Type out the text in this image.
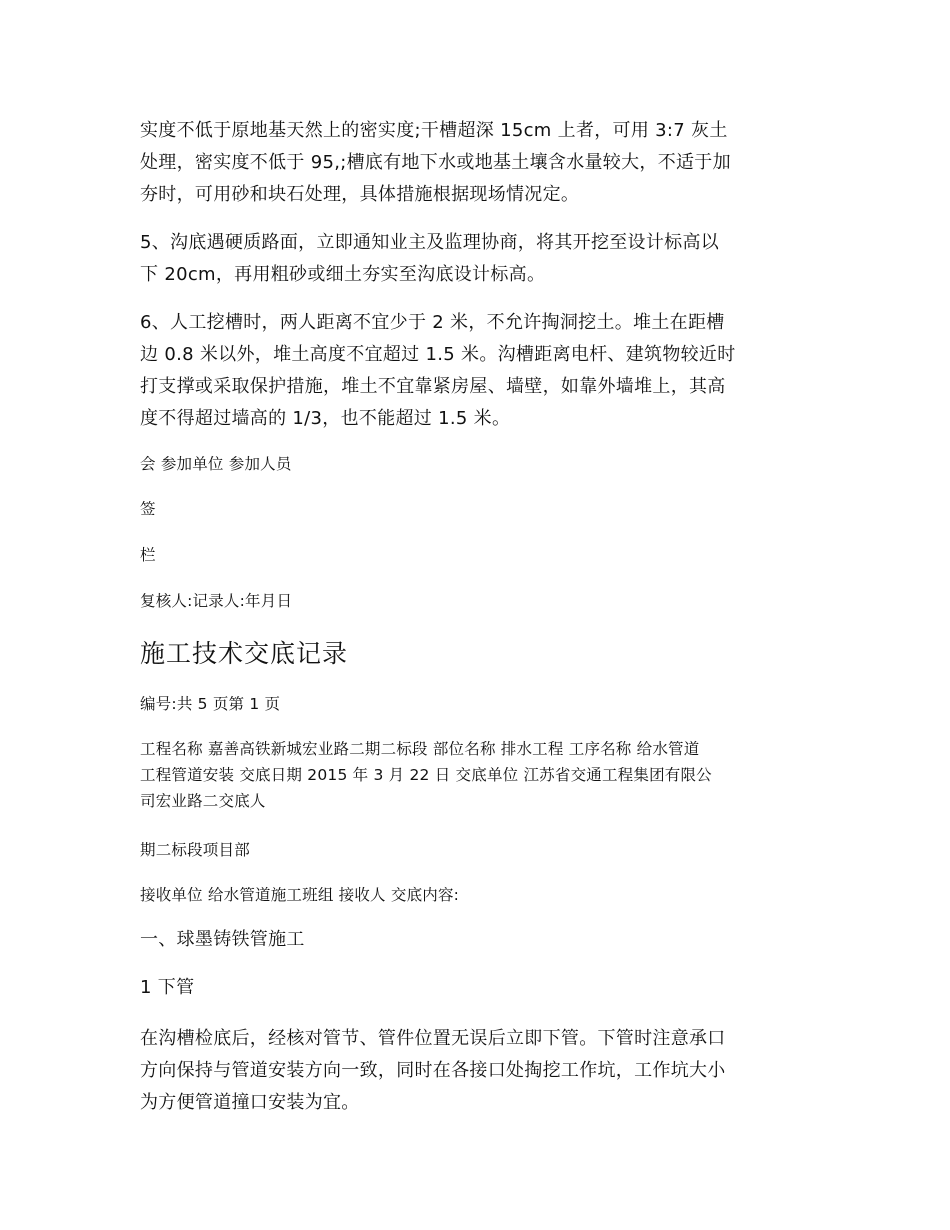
实度不低于原地基天然上的密实度;干槽超深 15cm 上者，可用 3:7 灰土
处理，密实度不低于 95,;槽底有地下水或地基土壤含水量较大，不适于加
夯时，可用砂和块石处理，具体措施根据现场情况定。
5、沟底遇硬质路面，立即通知业主及监理协商，将其开挖至设计标高以
下 20cm，再用粗砂或细土夯实至沟底设计标高。
6、人工挖槽时，两人距离不宜少于 2 米，不允许掏洞挖土。堆土在距槽
边 0.8 米以外，堆土高度不宜超过 1.5 米。沟槽距离电杆、建筑物较近时
打支撑或采取保护措施，堆土不宜靠紧房屋、墙壁，如靠外墙堆上，其高
度不得超过墙高的 1/3，也不能超过 1.5 米。
会 参加单位 参加人员
签
栏
复核人:记录人:年月日
施工技术交底记录
编号:共 5 页第 1 页
工程名称 嘉善高铁新城宏业路二期二标段 部位名称 排水工程 工序名称 给水管道
工程管道安装 交底日期 2015 年 3 月 22 日 交底单位 江苏省交通工程集团有限公
司宏业路二交底人
期二标段项目部
接收单位 给水管道施工班组 接收人 交底内容:
一、球墨铸铁管施工
1 下管
在沟槽检底后，经核对管节、管件位置无误后立即下管。下管时注意承口
方向保持与管道安装方向一致，同时在各接口处掏挖工作坑，工作坑大小
为方便管道撞口安装为宜。
